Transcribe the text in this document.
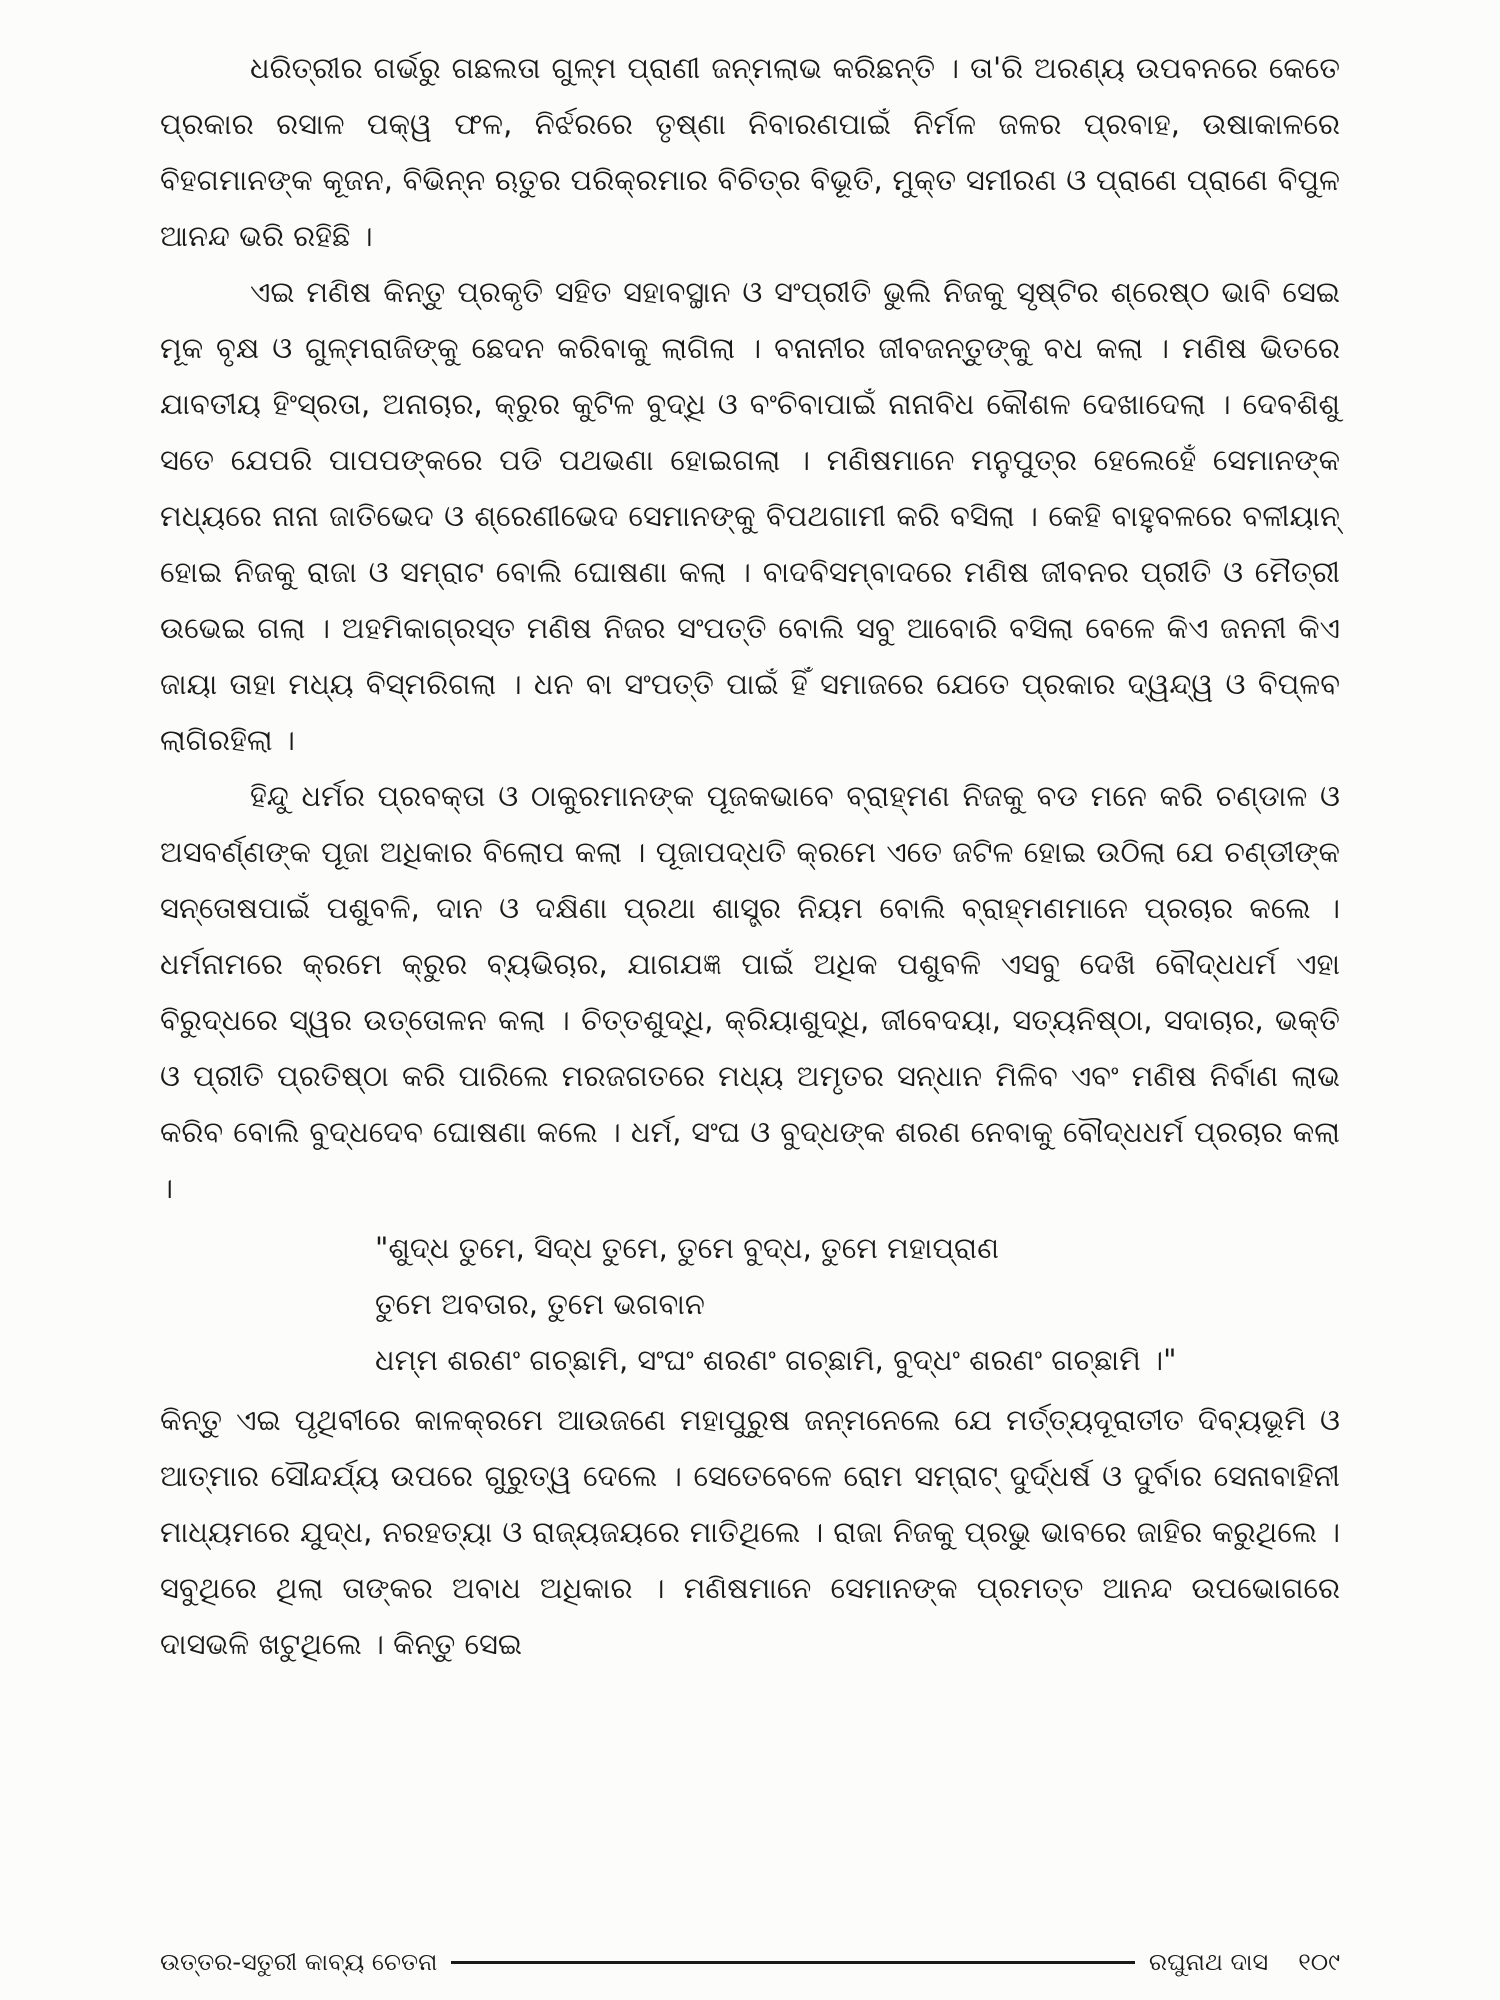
ଧରିତ୍ରୀର ଗର୍ଭରୁ ଗଛଲତା ଗୁଳ୍ମ ପ୍ରାଣୀ ଜନ୍ମଲାଭ କରିଛନ୍ତି । ତା'ରି ଅରଣ୍ୟ ଉପବନରେ କେତେ ପ୍ରକାର ରସାଳ ପକ୍ୱ ଫଳ, ନିର୍ଝରରେ ତୃଷ୍ଣା ନିବାରଣପାଇଁ ନିର୍ମଳ ଜଳର ପ୍ରବାହ, ଉଷାକାଳରେ ବିହଗମାନଙ୍କ କୂଜନ, ବିଭିନ୍ନ ଋତୁର ପରିକ୍ରମାର ବିଚିତ୍ର ବିଭୂତି, ମୁକ୍ତ ସମୀରଣ ଓ ପ୍ରାଣେ ପ୍ରାଣେ ବିପୁଳ ଆନନ୍ଦ ଭରି ରହିଛି ।

ଏଇ ମଣିଷ କିନ୍ତୁ ପ୍ରକୃତି ସହିତ ସହାବସ୍ଥାନ ଓ ସଂପ୍ରୀତି ଭୁଲି ନିଜକୁ ସୃଷ୍ଟିର ଶ୍ରେଷ୍ଠ ଭାବି ସେଇ ମୂକ ବୃକ୍ଷ ଓ ଗୁଳ୍ମରାଜିଙ୍କୁ ଛେଦନ କରିବାକୁ ଲାଗିଲା । ବନାନୀର ଜୀବଜନ୍ତୁଙ୍କୁ ବଧ କଲା । ମଣିଷ ଭିତରେ ଯାବତୀୟ ହିଂସ୍ରତା, ଅନାଚାର, କ୍ରୁର କୁଟିଳ ବୁଦ୍ଧି ଓ ବଂଚିବାପାଇଁ ନାନାବିଧ କୌଶଳ ଦେଖାଦେଲା । ଦେବଶିଶୁ ସତେ ଯେପରି ପାପପଙ୍କରେ ପଡି ପଥଭଣା ହୋଇଗଲା । ମଣିଷମାନେ ମନୁପୁତ୍ର ହେଲେହେଁ ସେମାନଙ୍କ ମଧ୍ୟରେ ନାନା ଜାତିଭେଦ ଓ ଶ୍ରେଣୀଭେଦ ସେମାନଙ୍କୁ ବିପଥଗାମୀ କରି ବସିଲା । କେହି ବାହୁବଳରେ ବଳୀୟାନ୍ ହୋଇ ନିଜକୁ ରାଜା ଓ ସମ୍ରାଟ ବୋଲି ଘୋଷଣା କଲା । ବାଦବିସମ୍ବାଦରେ ମଣିଷ ଜୀବନର ପ୍ରୀତି ଓ ମୈତ୍ରୀ ଉଭେଇ ଗଲା । ଅହମିକାଗ୍ରସ୍ତ ମଣିଷ ନିଜର ସଂପତ୍ତି ବୋଲି ସବୁ ଆବୋରି ବସିଲା ବେଳେ କିଏ ଜନନୀ କିଏ ଜାୟା ତାହା ମଧ୍ୟ ବିସ୍ମରିଗଲା । ଧନ ବା ସଂପତ୍ତି ପାଇଁ ହିଁ ସମାଜରେ ଯେତେ ପ୍ରକାର ଦ୍ୱନ୍ଦ୍ୱ ଓ ବିପ୍ଳବ ଲାଗିରହିଲା ।

ହିନ୍ଦୁ ଧର୍ମର ପ୍ରବକ୍ତା ଓ ଠାକୁରମାନଙ୍କ ପୂଜକଭାବେ ବ୍ରାହ୍ମଣ ନିଜକୁ ବଡ ମନେ କରି ଚଣ୍ଡାଳ ଓ ଅସବର୍ଣ୍ଣଙ୍କ ପୂଜା ଅଧିକାର ବିଲୋପ କଲା । ପୂଜାପଦ୍ଧତି କ୍ରମେ ଏତେ ଜଟିଳ ହୋଇ ଉଠିଲା ଯେ ଚଣ୍ଡୀଙ୍କ ସନ୍ତୋଷପାଇଁ ପଶୁବଳି, ଦାନ ଓ ଦକ୍ଷିଣା ପ୍ରଥା ଶାସ୍ତ୍ର ନିୟମ ବୋଲି ବ୍ରାହ୍ମଣମାନେ ପ୍ରଚାର କଲେ । ଧର୍ମନାମରେ କ୍ରମେ କ୍ରୁର ବ୍ୟଭିଚାର, ଯାଗଯଜ୍ଞ ପାଇଁ ଅଧିକ ପଶୁବଳି ଏସବୁ ଦେଖି ବୌଦ୍ଧଧର୍ମ ଏହା ବିରୁଦ୍ଧରେ ସ୍ୱର ଉତ୍ତୋଳନ କଲା । ଚିତ୍ତଶୁଦ୍ଧି, କ୍ରିୟାଶୁଦ୍ଧି, ଜୀବେଦୟା, ସତ୍ୟନିଷ୍ଠା, ସଦାଚାର, ଭକ୍ତି ଓ ପ୍ରୀତି ପ୍ରତିଷ୍ଠା କରି ପାରିଲେ ମରଜଗତରେ ମଧ୍ୟ ଅମୃତର ସନ୍ଧାନ ମିଳିବ ଏବଂ ମଣିଷ ନିର୍ବାଣ ଲାଭ କରିବ ବୋଲି ବୁଦ୍ଧଦେବ ଘୋଷଣା କଲେ । ଧର୍ମ, ସଂଘ ଓ ବୁଦ୍ଧଙ୍କ ଶରଣ ନେବାକୁ ବୌଦ୍ଧଧର୍ମ ପ୍ରଚାର କଲା ।

"ଶୁଦ୍ଧ ତୁମେ, ସିଦ୍ଧ ତୁମେ, ତୁମେ ବୁଦ୍ଧ, ତୁମେ ମହାପ୍ରାଣ
ତୁମେ ଅବତାର, ତୁମେ ଭଗବାନ
ଧମ୍ମ ଶରଣଂ ଗଚ୍ଛାମି, ସଂଘଂ ଶରଣଂ ଗଚ୍ଛାମି, ବୁଦ୍ଧଂ ଶରଣଂ ଗଚ୍ଛାମି ।"

କିନ୍ତୁ ଏଇ ପୃଥିବୀରେ କାଳକ୍ରମେ ଆଉଜଣେ ମହାପୁରୁଷ ଜନ୍ମନେଲେ ଯେ ମର୍ତ୍ତ୍ୟଦୂରାତୀତ ଦିବ୍ୟଭୂମି ଓ ଆତ୍ମାର ସୌନ୍ଦର୍ଯ୍ୟ ଉପରେ ଗୁରୁତ୍ୱ ଦେଲେ । ସେତେବେଳେ ରୋମ ସମ୍ରାଟ୍ ଦୁର୍ଦ୍ଧର୍ଷ ଓ ଦୁର୍ବାର ସେନାବାହିନୀ ମାଧ୍ୟମରେ ଯୁଦ୍ଧ, ନରହତ୍ୟା ଓ ରାଜ୍ୟଜୟରେ ମାତିଥିଲେ । ରାଜା ନିଜକୁ ପ୍ରଭୁ ଭାବରେ ଜାହିର କରୁଥିଲେ । ସବୁଥିରେ ଥିଲା ତାଙ୍କର ଅବାଧ ଅଧିକାର । ମଣିଷମାନେ ସେମାନଙ୍କ ପ୍ରମତ୍ତ ଆନନ୍ଦ ଉପଭୋଗରେ ଦାସଭଳି ଖଟୁଥିଲେ । କିନ୍ତୁ ସେଇ

ଉତ୍ତର-ସତୁରୀ କାବ୍ୟ ଚେତନା	ରଘୁନାଥ ଦାସ ୧୦୯
